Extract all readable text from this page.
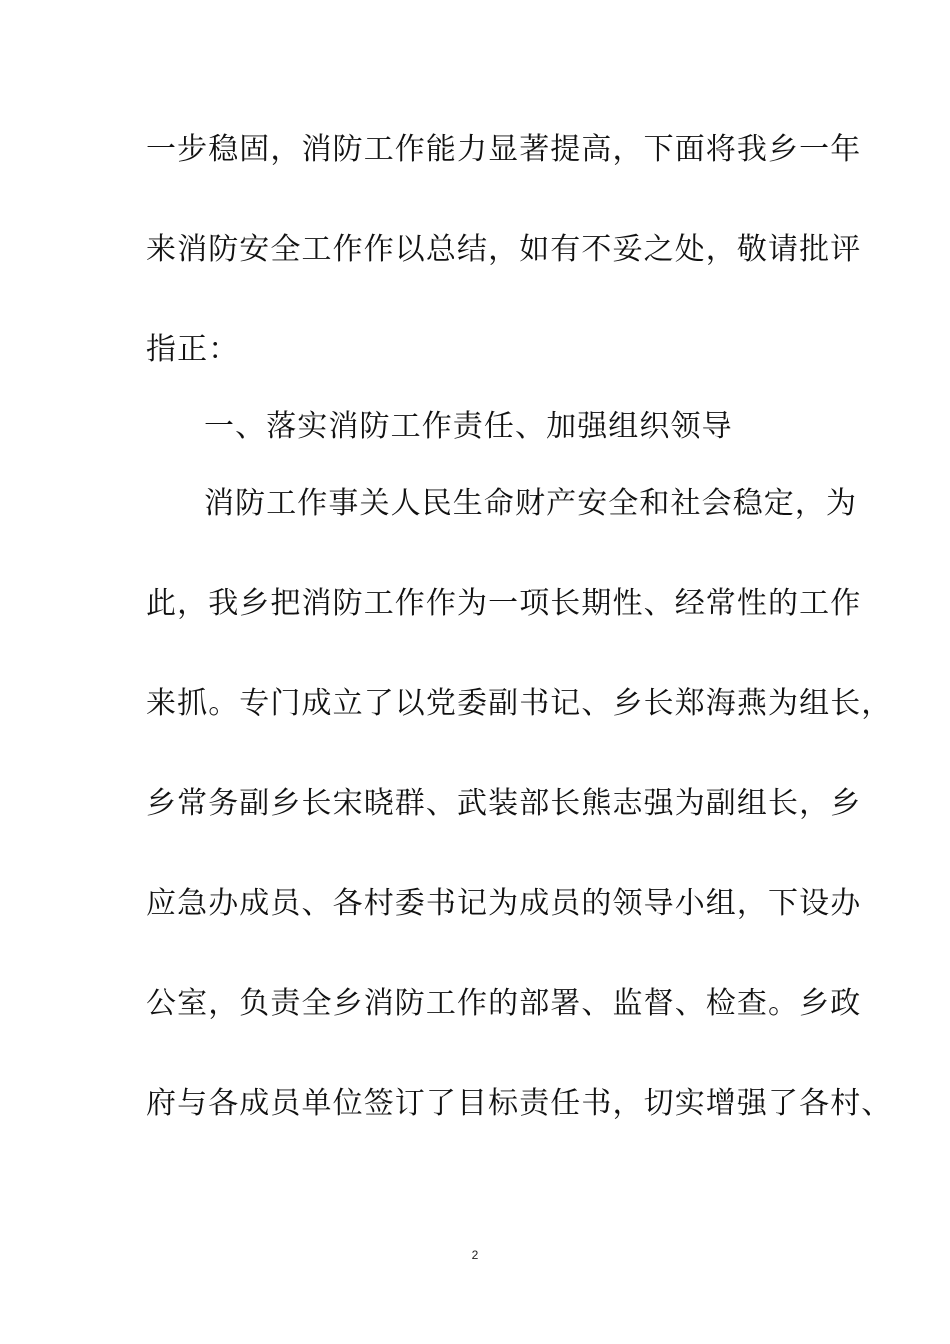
一步稳固，消防工作能力显著提高，下面将我乡一年
来消防安全工作作以总结，如有不妥之处，敬请批评
指正：
一、落实消防工作责任、加强组织领导
消防工作事关人民生命财产安全和社会稳定，为
此，我乡把消防工作作为一项长期性、经常性的工作
来抓。专门成立了以党委副书记、乡长郑海燕为组长，
乡常务副乡长宋晓群、武装部长熊志强为副组长，乡
应急办成员、各村委书记为成员的领导小组，下设办
公室，负责全乡消防工作的部署、监督、检查。乡政
府与各成员单位签订了目标责任书，切实增强了各村、
2
